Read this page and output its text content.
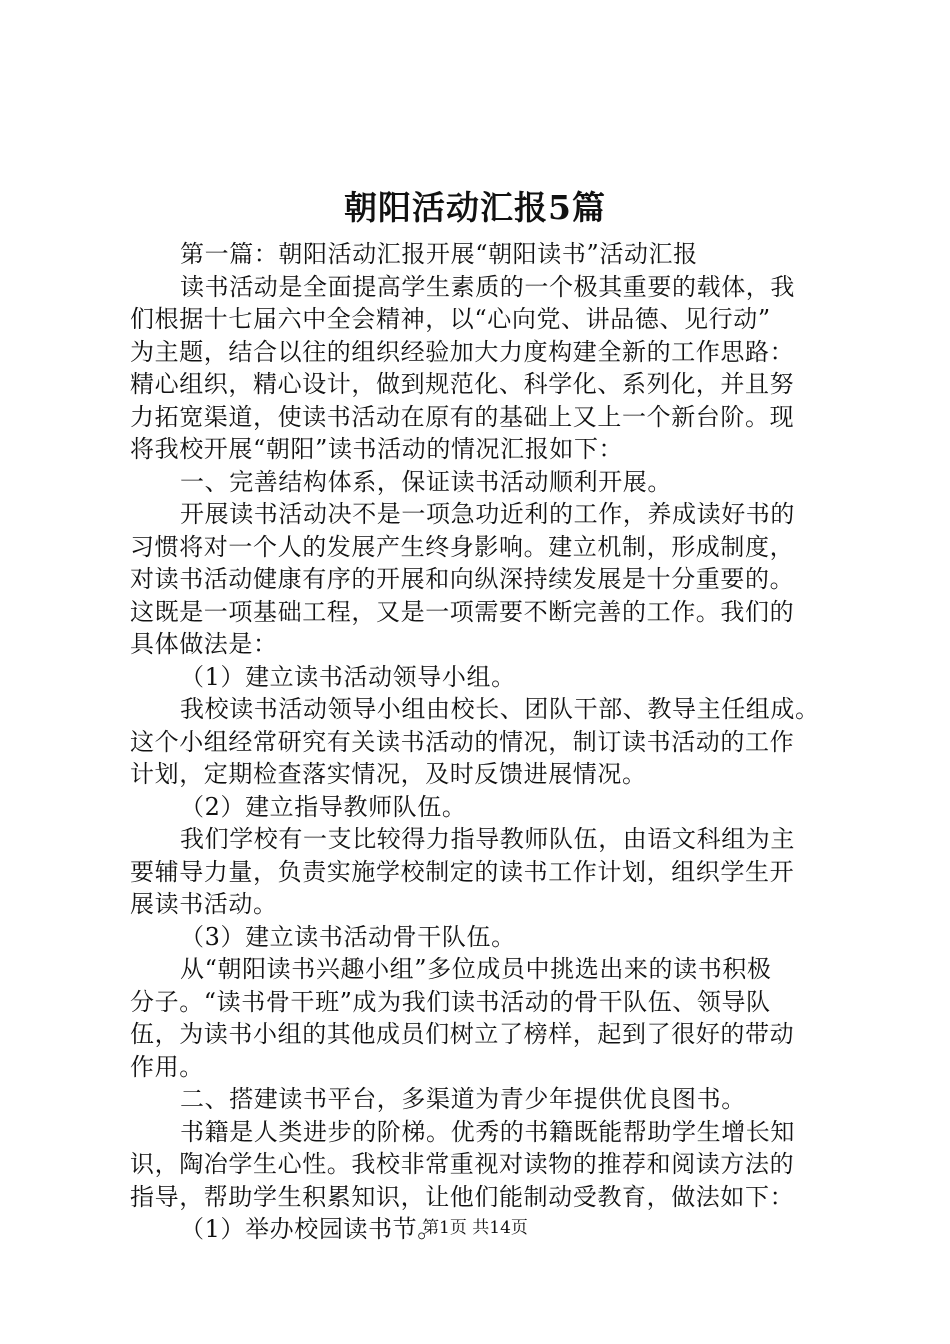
朝阳活动汇报5篇
第一篇：朝阳活动汇报开展“朝阳读书”活动汇报
读书活动是全面提高学生素质的一个极其重要的载体，我
们根据十七届六中全会精神，以“心向党、讲品德、见行动”
为主题，结合以往的组织经验加大力度构建全新的工作思路：
精心组织，精心设计，做到规范化、科学化、系列化，并且努
力拓宽渠道，使读书活动在原有的基础上又上一个新台阶。现
将我校开展“朝阳”读书活动的情况汇报如下：
一、完善结构体系，保证读书活动顺利开展。
开展读书活动决不是一项急功近利的工作，养成读好书的
习惯将对一个人的发展产生终身影响。建立机制，形成制度，
对读书活动健康有序的开展和向纵深持续发展是十分重要的。
这既是一项基础工程，又是一项需要不断完善的工作。我们的
具体做法是：
（1）建立读书活动领导小组。
我校读书活动领导小组由校长、团队干部、教导主任组成。
这个小组经常研究有关读书活动的情况，制订读书活动的工作
计划，定期检查落实情况，及时反馈进展情况。
（2）建立指导教师队伍。
我们学校有一支比较得力指导教师队伍，由语文科组为主
要辅导力量，负责实施学校制定的读书工作计划，组织学生开
展读书活动。
（3）建立读书活动骨干队伍。
从“朝阳读书兴趣小组”多位成员中挑选出来的读书积极
分子。“读书骨干班”成为我们读书活动的骨干队伍、领导队
伍，为读书小组的其他成员们树立了榜样，起到了很好的带动
作用。
二、搭建读书平台，多渠道为青少年提供优良图书。
书籍是人类进步的阶梯。优秀的书籍既能帮助学生增长知
识，陶冶学生心性。我校非常重视对读物的推荐和阅读方法的
指导，帮助学生积累知识，让他们能制动受教育，做法如下：
（1）举办校园读书节。
第1页 共14页
